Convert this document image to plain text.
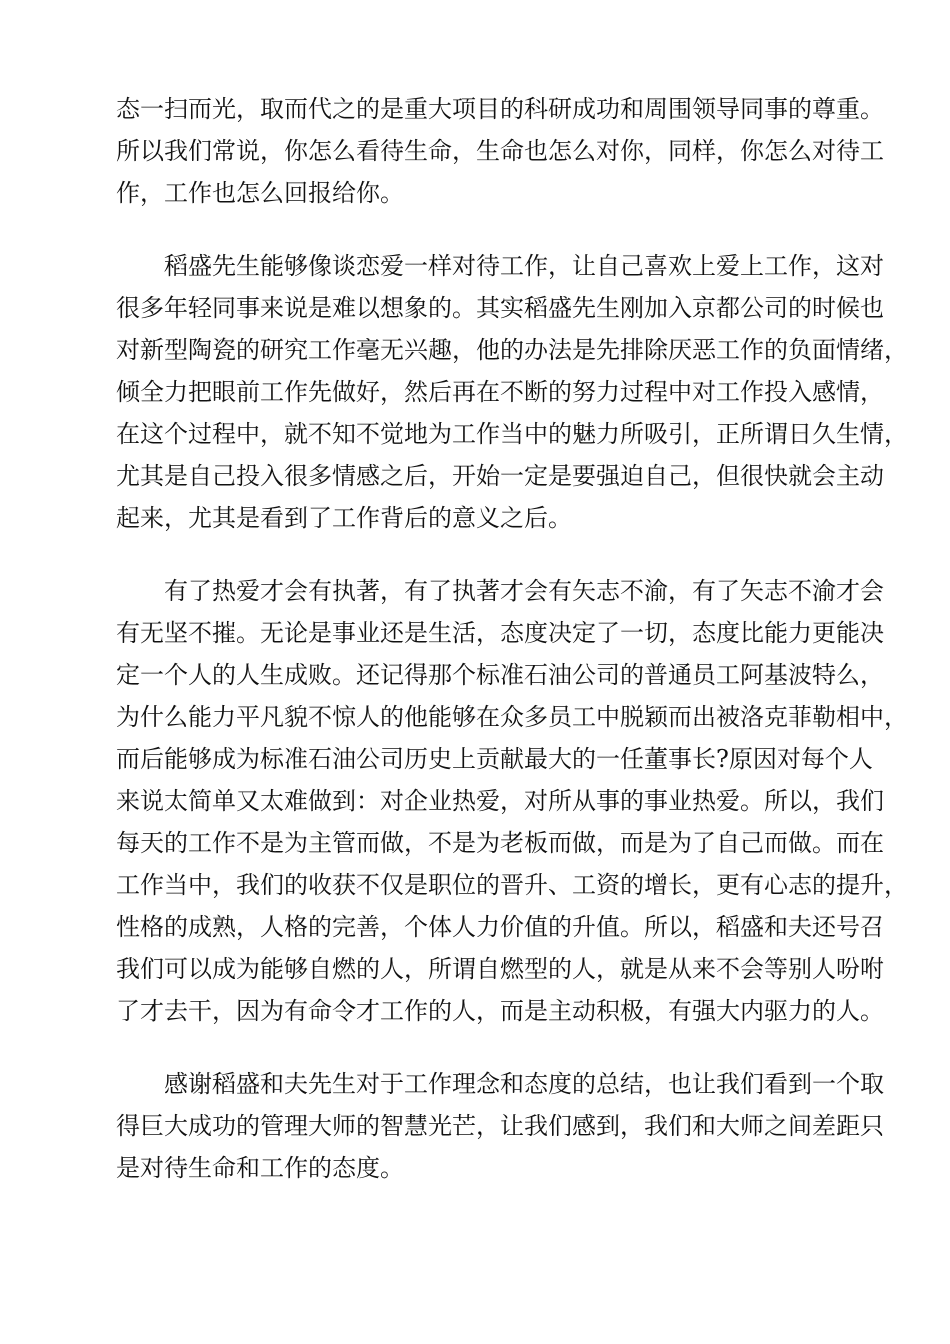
态一扫而光，取而代之的是重大项目的科研成功和周围领导同事的尊重。
所以我们常说，你怎么看待生命，生命也怎么对你，同样，你怎么对待工
作，工作也怎么回报给你。
稻盛先生能够像谈恋爱一样对待工作，让自己喜欢上爱上工作，这对
很多年轻同事来说是难以想象的。其实稻盛先生刚加入京都公司的时候也
对新型陶瓷的研究工作毫无兴趣，他的办法是先排除厌恶工作的负面情绪，
倾全力把眼前工作先做好，然后再在不断的努力过程中对工作投入感情，
在这个过程中，就不知不觉地为工作当中的魅力所吸引，正所谓日久生情，
尤其是自己投入很多情感之后，开始一定是要强迫自己，但很快就会主动
起来，尤其是看到了工作背后的意义之后。
有了热爱才会有执著，有了执著才会有矢志不渝，有了矢志不渝才会
有无坚不摧。无论是事业还是生活，态度决定了一切，态度比能力更能决
定一个人的人生成败。还记得那个标准石油公司的普通员工阿基波特么，
为什么能力平凡貌不惊人的他能够在众多员工中脱颖而出被洛克菲勒相中，
而后能够成为标准石油公司历史上贡献最大的一任董事长?原因对每个人
来说太简单又太难做到：对企业热爱，对所从事的事业热爱。所以，我们
每天的工作不是为主管而做，不是为老板而做，而是为了自己而做。而在
工作当中，我们的收获不仅是职位的晋升、工资的增长，更有心志的提升，
性格的成熟，人格的完善，个体人力价值的升值。所以，稻盛和夫还号召
我们可以成为能够自燃的人，所谓自燃型的人，就是从来不会等别人吩咐
了才去干，因为有命令才工作的人，而是主动积极，有强大内驱力的人。
感谢稻盛和夫先生对于工作理念和态度的总结，也让我们看到一个取
得巨大成功的管理大师的智慧光芒，让我们感到，我们和大师之间差距只
是对待生命和工作的态度。
